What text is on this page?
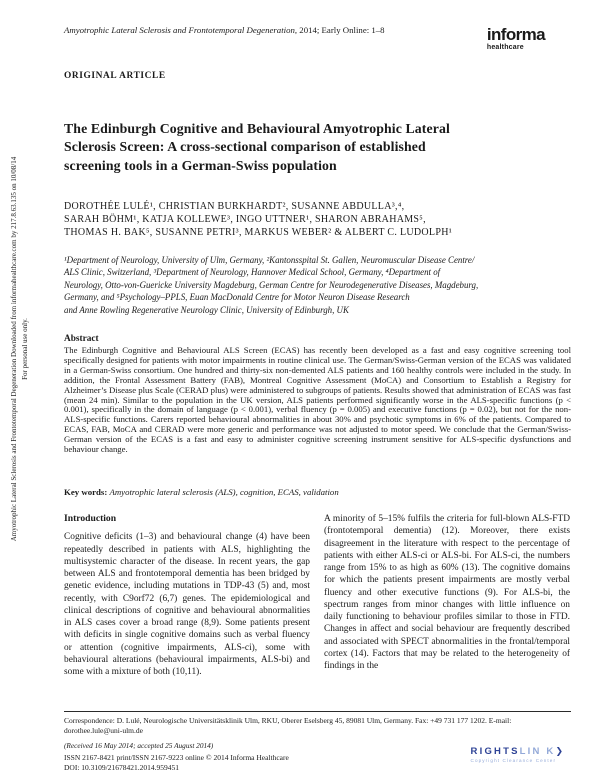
Amyotrophic Lateral Sclerosis and Frontotemporal Degeneration Downloaded from informahealthcare.com by 217.8.63.135 on 10/08/14 For personal use only.
Amyotrophic Lateral Sclerosis and Frontotemporal Degeneration, 2014; Early Online: 1–8	informa
healthcare
ORIGINAL ARTICLE
The Edinburgh Cognitive and Behavioural Amyotrophic Lateral
Sclerosis Screen: A cross-sectional comparison of established
screening tools in a German-Swiss population
DOROTHÉE LULÉ¹, CHRISTIAN BURKHARDT², SUSANNE ABDULLA³,⁴,
SARAH BÖHM¹, KATJA KOLLEWE³, INGO UTTNER¹, SHARON ABRAHAMS⁵,
THOMAS H. BAK⁵, SUSANNE PETRI³, MARKUS WEBER² & ALBERT C. LUDOLPH¹
¹Department of Neurology, University of Ulm, Germany, ²Kantonsspital St. Gallen, Neuromuscular Disease Centre/
ALS Clinic, Switzerland, ³Department of Neurology, Hannover Medical School, Germany, ⁴Department of
Neurology, Otto-von-Guericke University Magdeburg, German Centre for Neurodegenerative Diseases, Magdeburg,
Germany, and ⁵Psychology–PPLS, Euan MacDonald Centre for Motor Neuron Disease Research
and Anne Rowling Regenerative Neurology Clinic, University of Edinburgh, UK
Abstract
The Edinburgh Cognitive and Behavioural ALS Screen (ECAS) has recently been developed as a fast and easy cognitive screening tool specifically designed for patients with motor impairments in routine clinical use. The German/Swiss-German version of the ECAS was validated in a German-Swiss consortium. One hundred and thirty-six non-demented ALS patients and 160 healthy controls were included in the study. In addition, the Frontal Assessment Battery (FAB), Montreal Cognitive Assessment (MoCA) and Consortium to Establish a Registry for Alzheimer’s Disease plus Scale (CERAD plus) were administered to subgroups of patients. Results showed that administration of ECAS was fast (mean 24 min). Similar to the population in the UK version, ALS patients performed significantly worse in the ALS-specific functions (p < 0.001), specifically in the domain of language (p < 0.001), verbal fluency (p = 0.005) and executive functions (p = 0.02), but not for the non-ALS-specific functions. Carers reported behavioural abnormalities in about 30% and psychotic symptoms in 6% of the patients. Compared to ECAS, FAB, MoCA and CERAD were more generic and performance was not adjusted to motor speed. We conclude that the German/Swiss-German version of the ECAS is a fast and easy to administer cognitive screening instrument sensitive for ALS-specific dysfunctions and behaviour change.
Key words: Amyotrophic lateral sclerosis (ALS), cognition, ECAS, validation
Introduction
Cognitive deficits (1–3) and behavioural change (4) have been repeatedly described in patients with ALS, highlighting the multisystemic character of the disease. In recent years, the gap between ALS and frontotemporal dementia has been bridged by genetic evidence, including mutations in TDP-43 (5) and, most recently, with C9orf72 (6,7) genes. The epidemiological and clinical descriptions of cognitive and behavioural abnormalities in ALS cases cover a broad range (8,9). Some patients present with deficits in single cognitive domains such as verbal fluency or attention (cognitive impairments, ALS-ci), some with behavioural alterations (behavioural impairments, ALS-bi) and some with a mixture of both (10,11).
A minority of 5–15% fulfils the criteria for full-blown ALS-FTD (frontotemporal dementia) (12). Moreover, there exists disagreement in the literature with respect to the percentage of patients with either ALS-ci or ALS-bi. For ALS-ci, the numbers range from 15% to as high as 60% (13). The cognitive domains for which the patients present impairments are mostly verbal fluency and other executive functions (9). For ALS-bi, the spectrum ranges from minor changes with little influence on daily functioning to behaviour profiles similar to those in FTD. Changes in affect and social behaviour are frequently described and associated with SPECT abnormalities in the frontal/temporal cortex (14). Factors that may be related to the heterogeneity of findings in the
Correspondence: D. Lulé, Neurologische Universitätsklinik Ulm, RKU, Oberer Eselsberg 45, 89081 Ulm, Germany. Fax: +49 731 177 1202. E-mail: dorothee.lule@uni-ulm.de
(Received 16 May 2014; accepted 25 August 2014)
ISSN 2167-8421 print/ISSN 2167-9223 online © 2014 Informa Healthcare
DOI: 10.3109/21678421.2014.959451
RIGHTSLIN K❯
Copyright Clearance Center
